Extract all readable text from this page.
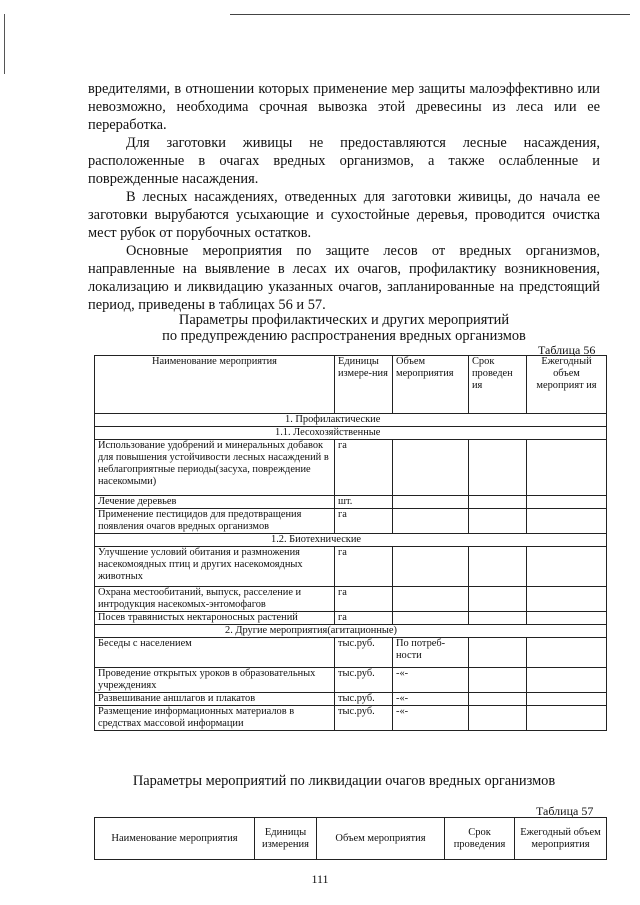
вредителями, в отношении которых применение мер защиты малоэффективно или невозможно, необходима срочная вывозка этой древесины из леса или ее переработка.

Для заготовки живицы не предоставляются лесные насаждения, расположенные в очагах вредных организмов, а также ослабленные и поврежденные насаждения.

В лесных насаждениях, отведенных для заготовки живицы, до начала ее заготовки вырубаются усыхающие и сухостойные деревья, проводится очистка мест рубок от порубочных остатков.

Основные мероприятия по защите лесов от вредных организмов, направленные на выявление в лесах их очагов, профилактику возникновения, локализацию и ликвидацию указанных очагов, запланированные на предстоящий период, приведены в таблицах 56 и 57.

Параметры профилактических и других мероприятий
по предупреждению распространения вредных организмов
Таблица 56
Наименование мероприятия	Единицы измере-ния	Объем мероприятия	Срок проведен ия	Ежегодный объем мероприят ия
1. Профилактические				
1.1. Лесохозяйственные				
Использование удобрений и минеральных добавок для повышения устойчивости лесных насаждений в неблагоприятные периоды(засуха, повреждение насекомыми)	га			
Лечение деревьев	шт.			
Применение пестицидов для предотвращения появления очагов вредных организмов	га			
1.2. Биотехнические				
Улучшение условий обитания и размножения насекомоядных птиц и других насекомоядных животных	га			
Охрана местообитаний, выпуск, расселение и интродукция насекомых-энтомофагов	га			
Посев травянистых нектароносных растений	га			
2. Другие мероприятия(агитационные)				
Беседы с населением	тыс.руб.	По потреб-ности		
Проведение открытых уроков в образовательных учреждениях	тыс.руб.	-«-		
Развешивание аншлагов и плакатов	тыс.руб.	-«-		
Размещение информационных материалов в средствах массовой информации	тыс.руб.	-«-		
Параметры мероприятий по ликвидации очагов вредных организмов
Таблица 57
Наименование мероприятия	Единицы измерения	Объем мероприятия	Срок проведения	Ежегодный объем мероприятия
111
